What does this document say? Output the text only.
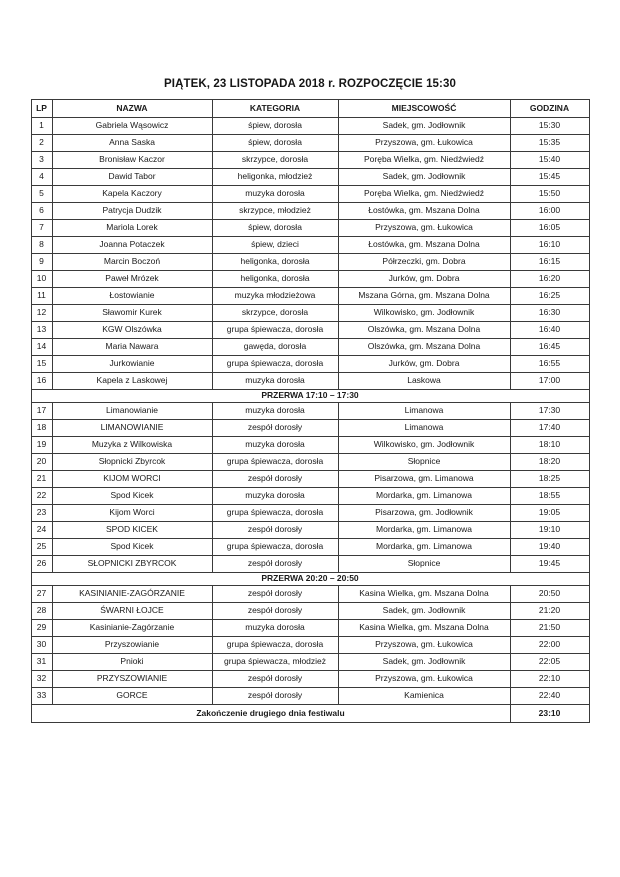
PIĄTEK, 23 LISTOPADA 2018 r. ROZPOCZĘCIE 15:30
LP	NAZWA	KATEGORIA	MIEJSCOWOŚĆ	GODZINA
1	Gabriela Wąsowicz	śpiew, dorosła	Sadek, gm. Jodłownik	15:30
2	Anna Saska	śpiew, dorosła	Przyszowa, gm. Łukowica	15:35
3	Bronisław Kaczor	skrzypce, dorosła	Poręba Wielka, gm. Niedźwiedź	15:40
4	Dawid Tabor	heligonka, młodzież	Sadek, gm. Jodłownik	15:45
5	Kapela Kaczory	muzyka dorosła	Poręba Wielka, gm. Niedźwiedź	15:50
6	Patrycja Dudzik	skrzypce, młodzież	Łostówka, gm. Mszana Dolna	16:00
7	Mariola Lorek	śpiew, dorosła	Przyszowa, gm. Łukowica	16:05
8	Joanna Potaczek	śpiew, dzieci	Łostówka, gm. Mszana Dolna	16:10
9	Marcin Boczoń	heligonka, dorosła	Półrzeczki, gm. Dobra	16:15
10	Paweł Mrózek	heligonka, dorosła	Jurków, gm. Dobra	16:20
11	Łostowianie	muzyka młodzieżowa	Mszana Górna, gm. Mszana Dolna	16:25
12	Sławomir Kurek	skrzypce, dorosła	Wilkowisko, gm. Jodłownik	16:30
13	KGW Olszówka	grupa śpiewacza, dorosła	Olszówka, gm. Mszana Dolna	16:40
14	Maria Nawara	gawęda, dorosła	Olszówka, gm. Mszana Dolna	16:45
15	Jurkowianie	grupa śpiewacza, dorosła	Jurków, gm. Dobra	16:55
16	Kapela z Laskowej	muzyka dorosła	Laskowa	17:00
PRZERWA 17:10 – 17:30				
17	Limanowianie	muzyka dorosła	Limanowa	17:30
18	LIMANOWIANIE	zespół dorosły	Limanowa	17:40
19	Muzyka z Wilkowiska	muzyka dorosła	Wilkowisko, gm. Jodłownik	18:10
20	Słopnicki Zbyrcok	grupa śpiewacza, dorosła	Słopnice	18:20
21	KIJOM WORCI	zespół dorosły	Pisarzowa, gm. Limanowa	18:25
22	Spod Kicek	muzyka dorosła	Mordarka, gm. Limanowa	18:55
23	Kijom Worci	grupa śpiewacza, dorosła	Pisarzowa, gm. Jodłownik	19:05
24	SPOD KICEK	zespół dorosły	Mordarka, gm. Limanowa	19:10
25	Spod Kicek	grupa śpiewacza, dorosła	Mordarka, gm. Limanowa	19:40
26	SŁOPNICKI ZBYRCOK	zespół dorosły	Słopnice	19:45
PRZERWA 20:20 – 20:50				
27	KASINIANIE-ZAGÓRZANIE	zespół dorosły	Kasina Wielka, gm. Mszana Dolna	20:50
28	ŚWARNI ŁOJCE	zespół dorosły	Sadek, gm. Jodłownik	21:20
29	Kasinianie-Zagórzanie	muzyka dorosła	Kasina Wielka, gm. Mszana Dolna	21:50
30	Przyszowianie	grupa śpiewacza, dorosła	Przyszowa, gm. Łukowica	22:00
31	Pnioki	grupa śpiewacza, młodzież	Sadek, gm. Jodłownik	22:05
32	PRZYSZOWIANIE	zespół dorosły	Przyszowa, gm. Łukowica	22:10
33	GORCE	zespół dorosły	Kamienica	22:40
Zakończenie drugiego dnia festiwalu				23:10
